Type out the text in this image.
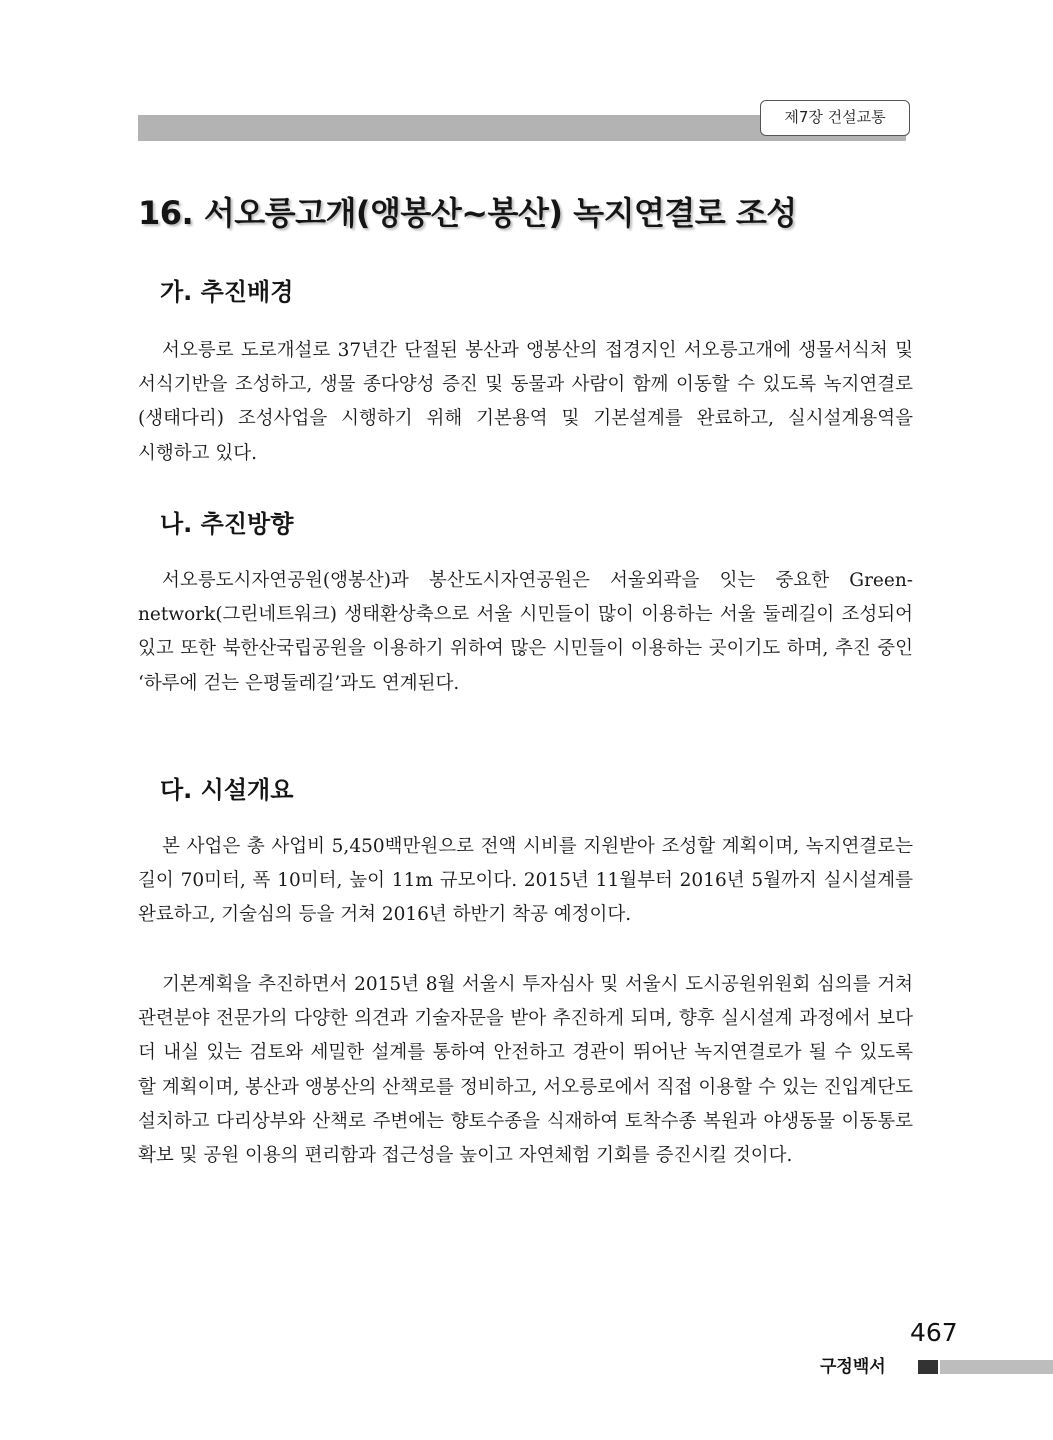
제7장 건설교통
16. 서오릉고개(앵봉산~봉산) 녹지연결로 조성
가. 추진배경

서오릉로 도로개설로 37년간 단절된 봉산과 앵봉산의 접경지인 서오릉고개에 생물서식처 및 서식기반을 조성하고, 생물 종다양성 증진 및 동물과 사람이 함께 이동할 수 있도록 녹지연결로(생태다리) 조성사업을 시행하기 위해 기본용역 및 기본설계를 완료하고, 실시설계용역을 시행하고 있다.

나. 추진방향

서오릉도시자연공원(앵봉산)과 봉산도시자연공원은 서울외곽을 잇는 중요한 Green-network(그린네트워크) 생태환상축으로 서울 시민들이 많이 이용하는 서울 둘레길이 조성되어 있고 또한 북한산국립공원을 이용하기 위하여 많은 시민들이 이용하는 곳이기도 하며, 추진 중인 ‘하루에 걷는 은평둘레길’과도 연계된다.

다. 시설개요

본 사업은 총 사업비 5,450백만원으로 전액 시비를 지원받아 조성할 계획이며, 녹지연결로는 길이 70미터, 폭 10미터, 높이 11m 규모이다. 2015년 11월부터 2016년 5월까지 실시설계를 완료하고, 기술심의 등을 거쳐 2016년 하반기 착공 예정이다.

기본계획을 추진하면서 2015년 8월 서울시 투자심사 및 서울시 도시공원위원회 심의를 거쳐 관련분야 전문가의 다양한 의견과 기술자문을 받아 추진하게 되며, 향후 실시설계 과정에서 보다 더 내실 있는 검토와 세밀한 설계를 통하여 안전하고 경관이 뛰어난 녹지연결로가 될 수 있도록 할 계획이며, 봉산과 앵봉산의 산책로를 정비하고, 서오릉로에서 직접 이용할 수 있는 진입계단도 설치하고 다리상부와 산책로 주변에는 향토수종을 식재하여 토착수종 복원과 야생동물 이동통로 확보 및 공원 이용의 편리함과 접근성을 높이고 자연체험 기회를 증진시킬 것이다.

467
구정백서
